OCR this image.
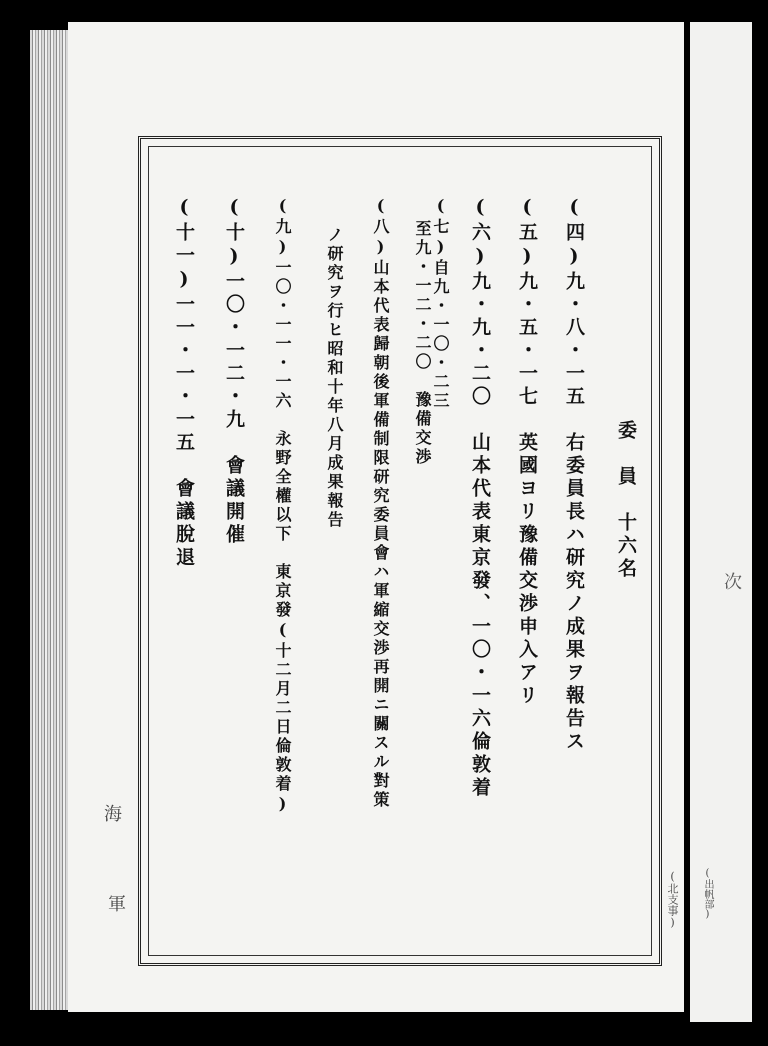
委　員　十六名
(四)九・八・一五　右委員長ハ研究ノ成果ヲ報告ス
(五)九・五・一七　英國ヨリ豫備交渉申入アリ
(六)九・九・二〇　山本代表東京發、一〇・一六倫敦着
(七)自九・一〇・二三
至九・一二・二〇　豫備交渉
(八)山本代表歸朝後軍備制限研究委員會ハ軍縮交渉再開ニ關スル對策
ノ研究ヲ行ヒ昭和十年八月成果報告
(九)一〇・一一・一六　永野全權以下　東京發(十二月二日倫敦着)
(十)一〇・一二・九　會議開催
(十一)一一・一・一五　會議脫退
(北支事)
海
軍
次
(出帆部)
